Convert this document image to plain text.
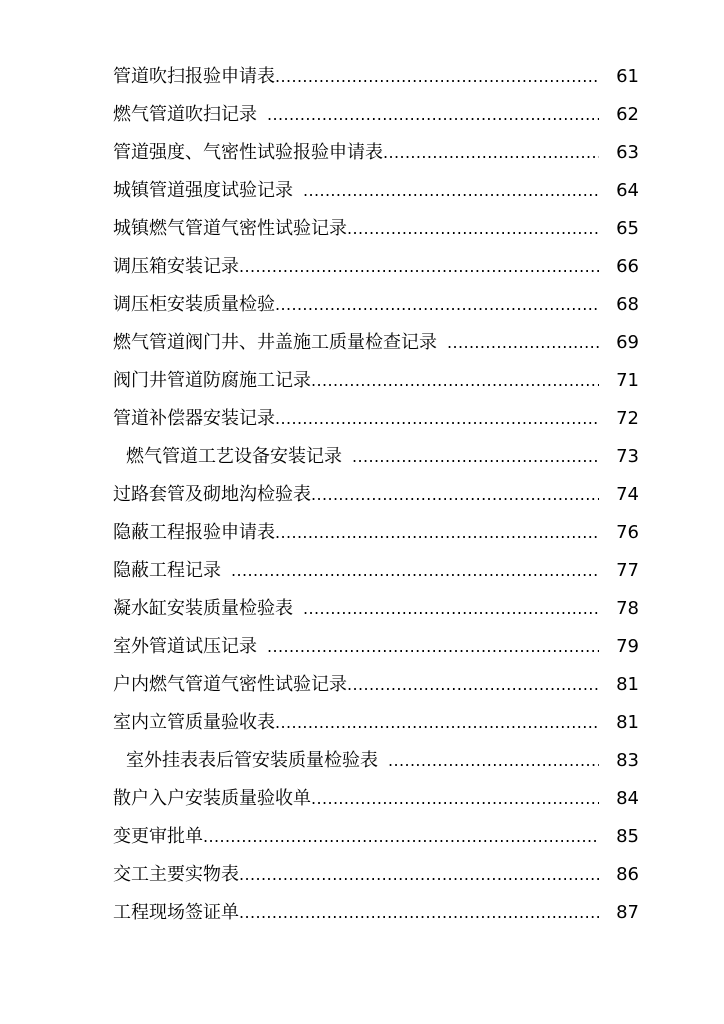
管道吹扫报验申请表 .....	61
燃气管道吹扫记录 .....	62
管道强度、气密性试验报验申请表 .....	63
城镇管道强度试验记录 .....	64
城镇燃气管道气密性试验记录 .....	65
调压箱安装记录 .....	66
调压柜安装质量检验 .....	68
燃气管道阀门井、井盖施工质量检查记录 .....	69
阀门井管道防腐施工记录 .....	71
管道补偿器安装记录 .....	72
燃气管道工艺设备安装记录 .....	73
过路套管及砌地沟检验表 .....	74
隐蔽工程报验申请表 .....	76
隐蔽工程记录 .....	77
凝水缸安装质量检验表 .....	78
室外管道试压记录 .....	79
户内燃气管道气密性试验记录 .....	81
室内立管质量验收表 .....	81
室外挂表表后管安装质量检验表 .....	83
散户入户安装质量验收单 .....	84
变更审批单 .....	85
交工主要实物表 .....	86
工程现场签证单 .....	87
